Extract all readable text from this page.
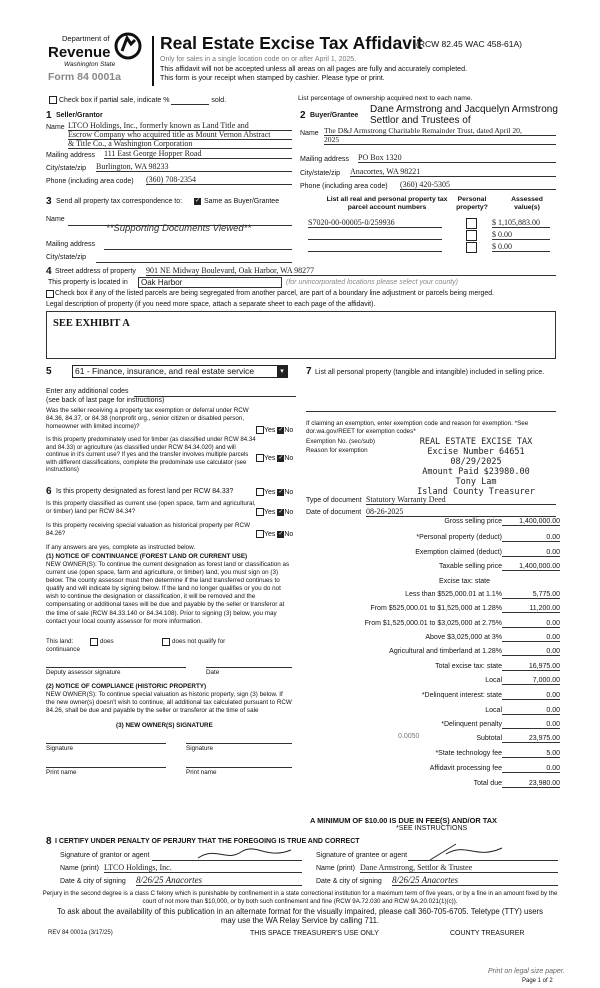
Department of
Revenue
Washington State
Form 84 0001a
Real Estate Excise Tax Affidavit
(RCW 82.45 WAC 458-61A)
Only for sales in a single location code on or after April 1, 2025.
This affidavit will not be accepted unless all areas on all pages are fully and accurately completed.
This form is your receipt when stamped by cashier. Please type or print.
Check box if partial sale, indicate %	sold.	List percentage of ownership acquired next to each name.
1 Seller/Grantor
Name LTCO Holdings, Inc., formerly known as Land Title and
Escrow Company who acquired title as Mount Vernon Abstract
& Title Co., a Washington Corporation
Mailing address 111 East George Hopper Road
City/state/zip Burlington, WA 98233
Phone (including area code) (360) 708-2354
2 Buyer/Grantee
Dane Armstrong and Jacquelyn Armstrong
Settlor and Trustees of
Name The D&J Armstrong Charitable Remainder Trust, dated April 20,
2025
Mailing address PO Box 1320
City/state/zip Anacortes, WA 98221
Phone (including area code) (360) 420-5305
3 Send all property tax correspondence to: ✓ Same as Buyer/Grantee
Name
**Supporting Documents Viewed**
Mailing address
City/state/zip
List all real and personal property tax
parcel account numbers
Personal
property?
Assessed
value(s)
S7020-00-00005-0/259936	$ 1,105,883.00
$ 0.00
$ 0.00
4 Street address of property 901 NE Midway Boulevard, Oak Harbor, WA 98277
This property is located in	Oak Harbor	(for unincorporated locations please select your county)
Check box if any of the listed parcels are being segregated from another parcel, are part of a boundary line adjustment or parcels being merged.
Legal description of property (if you need more space, attach a separate sheet to each page of the affidavit).
SEE EXHIBIT A
5	61 - Finance, insurance, and real estate service	▾
Enter any additional codes
(see back of last page for instructions)
Was the seller receiving a property tax exemption or deferral under RCW 84.36, 84.37, or 84.38 (nonprofit org., senior citizen or disabled person, homeowner with limited income)?
Yes ✓No
Is this property predominately used for timber (as classified under RCW 84.34 and 84.33) or agriculture (as classified under RCW 84.34.020) and will continue in it's current use? If yes and the transfer involves multiple parcels with different classifications, complete the predominate use calculator (see instructions)
Yes ✓No
6 Is this property designated as forest land per RCW 84.33?	Yes ✓No
Is this property classified as current use (open space, farm and agricultural, or timber) land per RCW 84.34?	Yes ✓No
Is this property receiving special valuation as historical property per RCW 84.26?	Yes ✓No
If any answers are yes, complete as instructed below.
(1) NOTICE OF CONTINUANCE (FOREST LAND OR CURRENT USE)
NEW OWNER(S): To continue the current designation as forest land or classification as current use (open space, farm and agriculture, or timber) land, you must sign on (3) below. The county assessor must then determine if the land transferred continues to qualify and will indicate by signing below. If the land no longer qualifies or you do not wish to continue the designation or classification, it will be removed and the compensating or additional taxes will be due and payable by the seller or transferor at the time of sale (RCW 84.33.140 or 84.34.108). Prior to signing (3) below, you may contact your local county assessor for more information.
This land:
continuance
does	does not qualify for
Deputy assessor signature	Date
(2) NOTICE OF COMPLIANCE (HISTORIC PROPERTY)
NEW OWNER(S): To continue special valuation as historic property, sign (3) below. If the new owner(s) doesn't wish to continue, all additional tax calculated pursuant to RCW 84.26, shall be due and payable by the seller or transferor at the time of sale
(3) NEW OWNER(S) SIGNATURE
Signature	Signature
Print name	Print name
7 List all personal property (tangible and intangible) included in selling price.
If claiming an exemption, enter exemption code and reason for exemption. *See dor.wa.gov/REET for exemption codes*
Exemption No. (sec/sub)
Reason for exemption
REAL ESTATE EXCISE TAX
Excise Number 64651
08/29/2025
Amount Paid $23980.00
Tony Lam
Island County Treasurer
Type of document Statutory Warranty Deed
Date of document 08-26-2025
Gross selling price	1,400,000.00
*Personal property (deduct)	0.00
Exemption claimed (deduct)	0.00
Taxable selling price	1,400,000.00
Excise tax: state
Less than $525,000.01 at 1.1%	5,775.00
From $525,000.01 to $1,525,000 at 1.28%	11,200.00
From $1,525,000.01 to $3,025,000 at 2.75%	0.00
Above $3,025,000 at 3%	0.00
Agricultural and timberland at 1.28%	0.00
Total excise tax: state	16,975.00
Local	7,000.00
*Delinquent interest: state	0.00
Local	0.00
*Delinquent penalty	0.00
Subtotal	23,975.00
*State technology fee	5.00
Affidavit processing fee	0.00
Total due	23,980.00
0.0050
A MINIMUM OF $10.00 IS DUE IN FEE(S) AND/OR TAX
*SEE INSTRUCTIONS
8 I CERTIFY UNDER PENALTY OF PERJURY THAT THE FOREGOING IS TRUE AND CORRECT
Signature of grantor or agent
Name (print) LTCO Holdings, Inc.
Date & city of signing 8/26/25 Anacortes
Signature of grantee or agent
Name (print) Dane Armstrong, Settlor & Trustee
Date & city of signing 8/26/25 Anacortes
Perjury in the second degree is a class C felony which is punishable by confinement in a state correctional institution for a maximum term of five years, or by a fine in an amount fixed by the court of not more than $10,000, or by both such confinement and fine (RCW 9A.72.030 and RCW 9A.20.021(1)(c)).
To ask about the availability of this publication in an alternate format for the visually impaired, please call 360-705-6705. Teletype (TTY) users may use the WA Relay Service by calling 711.
REV 84 0001a (3/17/25)	THIS SPACE TREASURER'S USE ONLY	COUNTY TREASURER
Print on legal size paper.
Page 1 of 2
